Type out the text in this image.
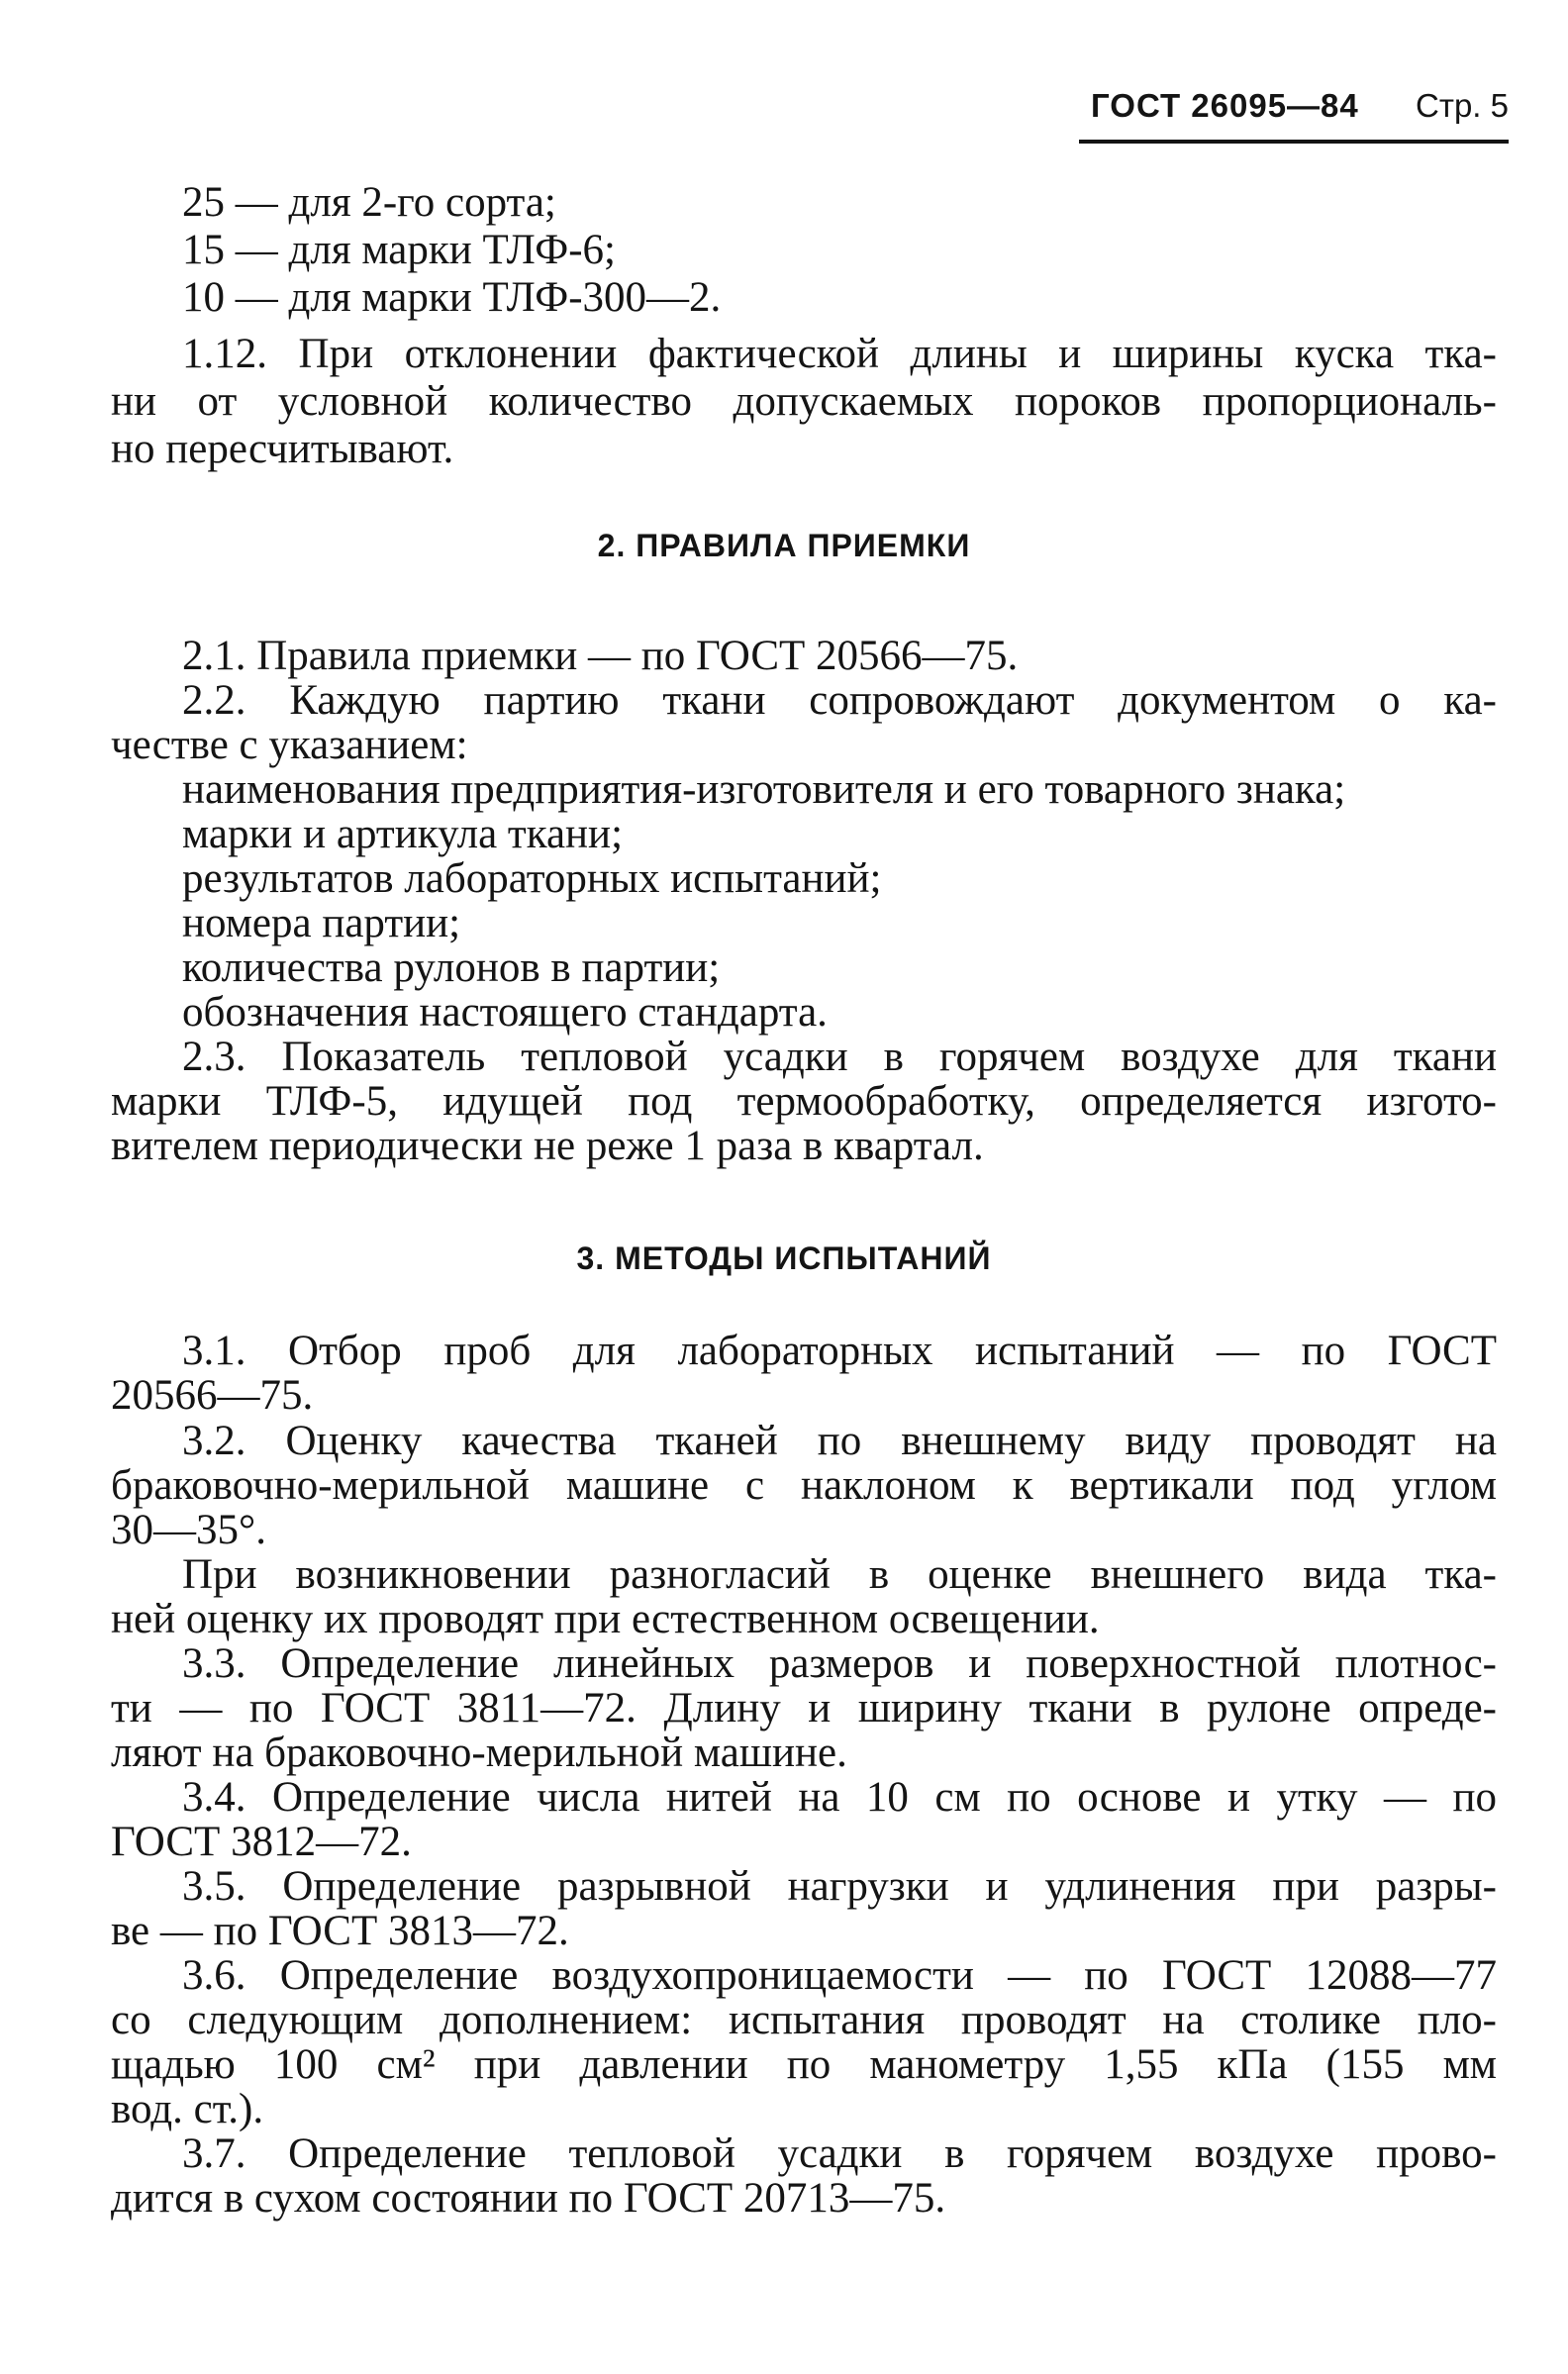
ГОСТ 26095—84 Стр. 5
25 — для 2-го сорта;
15 — для марки ТЛФ-6;
10 — для марки ТЛФ-300—2.
1.12. При отклонении фактической длины и ширины куска тка-
ни от условной количество допускаемых пороков пропорциональ-
но пересчитывают.
2. ПРАВИЛА ПРИЕМКИ
2.1. Правила приемки — по ГОСТ 20566—75.
2.2. Каждую партию ткани сопровождают документом о ка-
честве с указанием:
наименования предприятия-изготовителя и его товарного знака;
марки и артикула ткани;
результатов лабораторных испытаний;
номера партии;
количества рулонов в партии;
обозначения настоящего стандарта.
2.3. Показатель тепловой усадки в горячем воздухе для ткани
марки ТЛФ-5, идущей под термообработку, определяется изгото-
вителем периодически не реже 1 раза в квартал.
3. МЕТОДЫ ИСПЫТАНИЙ
3.1. Отбор проб для лабораторных испытаний — по ГОСТ
20566—75.
3.2. Оценку качества тканей по внешнему виду проводят на
браковочно-мерильной машине с наклоном к вертикали под углом
30—35°.
При возникновении разногласий в оценке внешнего вида тка-
ней оценку их проводят при естественном освещении.
3.3. Определение линейных размеров и поверхностной плотнос-
ти — по ГОСТ 3811—72. Длину и ширину ткани в рулоне опреде-
ляют на браковочно-мерильной машине.
3.4. Определение числа нитей на 10 см по основе и утку — по
ГОСТ 3812—72.
3.5. Определение разрывной нагрузки и удлинения при разры-
ве — по ГОСТ 3813—72.
3.6. Определение воздухопроницаемости — по ГОСТ 12088—77
со следующим дополнением: испытания проводят на столике пло-
щадью 100 см² при давлении по манометру 1,55 кПа (155 мм
вод. ст.).
3.7. Определение тепловой усадки в горячем воздухе прово-
дится в сухом состоянии по ГОСТ 20713—75.
